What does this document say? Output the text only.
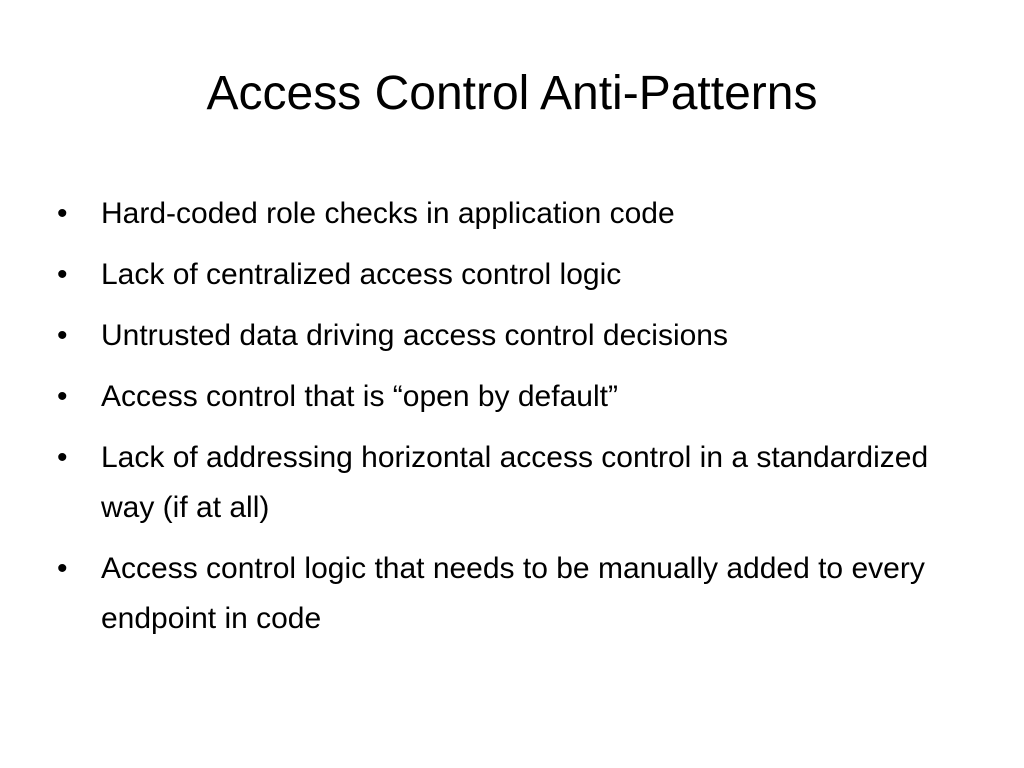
Access Control Anti-Patterns
• Hard-coded role checks in application code
• Lack of centralized access control logic
• Untrusted data driving access control decisions
• Access control that is “open by default”
• Lack of addressing horizontal access control in a standardized way (if at all)
• Access control logic that needs to be manually added to every endpoint in code
